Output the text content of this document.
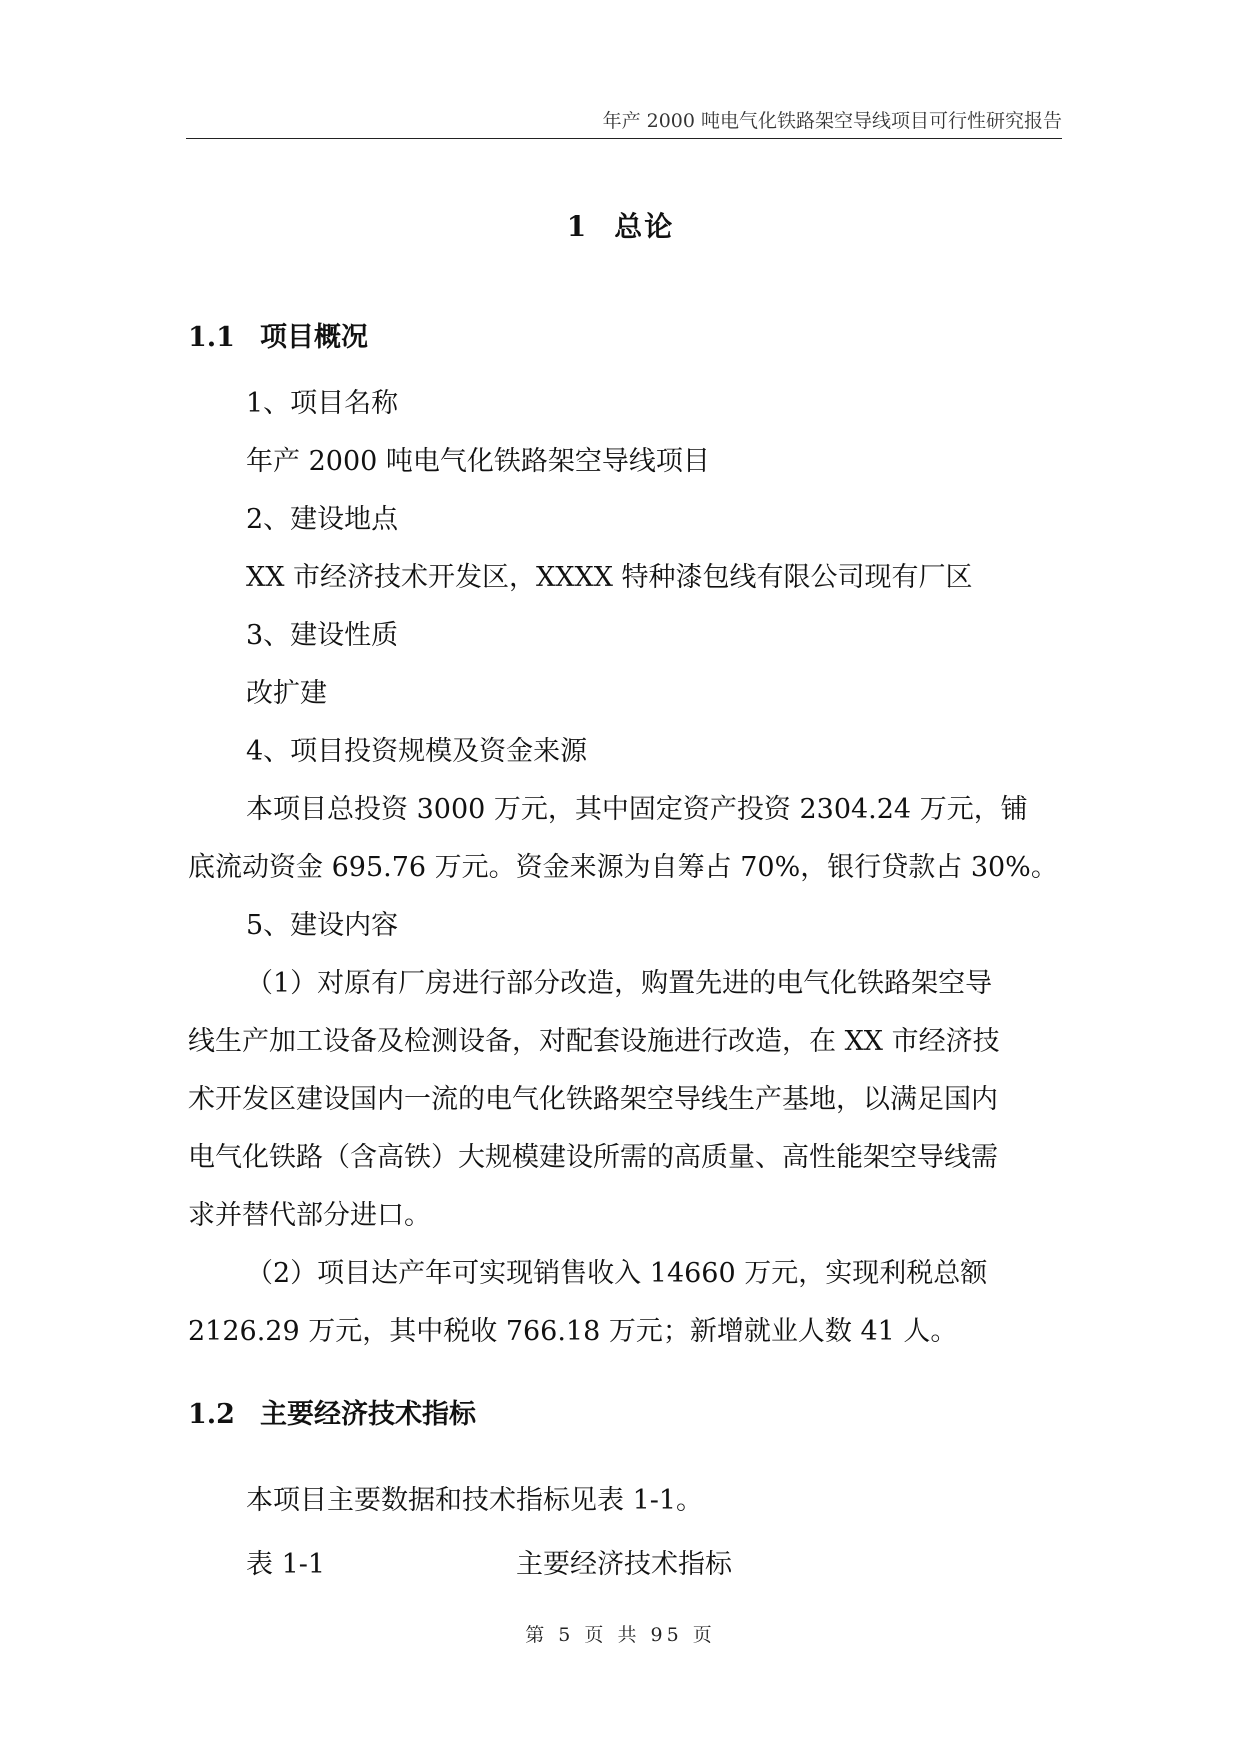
年产 2000 吨电气化铁路架空导线项目可行性研究报告
1 总论
1.1 项目概况
1、项目名称
年产 2000 吨电气化铁路架空导线项目
2、建设地点
XX 市经济技术开发区，XXXX 特种漆包线有限公司现有厂区
3、建设性质
改扩建
4、项目投资规模及资金来源
本项目总投资 3000 万元，其中固定资产投资 2304.24 万元，铺
底流动资金 695.76 万元。资金来源为自筹占 70%，银行贷款占 30%。
5、建设内容
（1）对原有厂房进行部分改造，购置先进的电气化铁路架空导
线生产加工设备及检测设备，对配套设施进行改造，在 XX 市经济技
术开发区建设国内一流的电气化铁路架空导线生产基地，以满足国内
电气化铁路（含高铁）大规模建设所需的高质量、高性能架空导线需
求并替代部分进口。
（2）项目达产年可实现销售收入 14660 万元，实现利税总额
2126.29 万元，其中税收 766.18 万元；新增就业人数 41 人。
1.2 主要经济技术指标
本项目主要数据和技术指标见表 1-1。
表 1-1	主要经济技术指标
第 5 页 共 95 页
